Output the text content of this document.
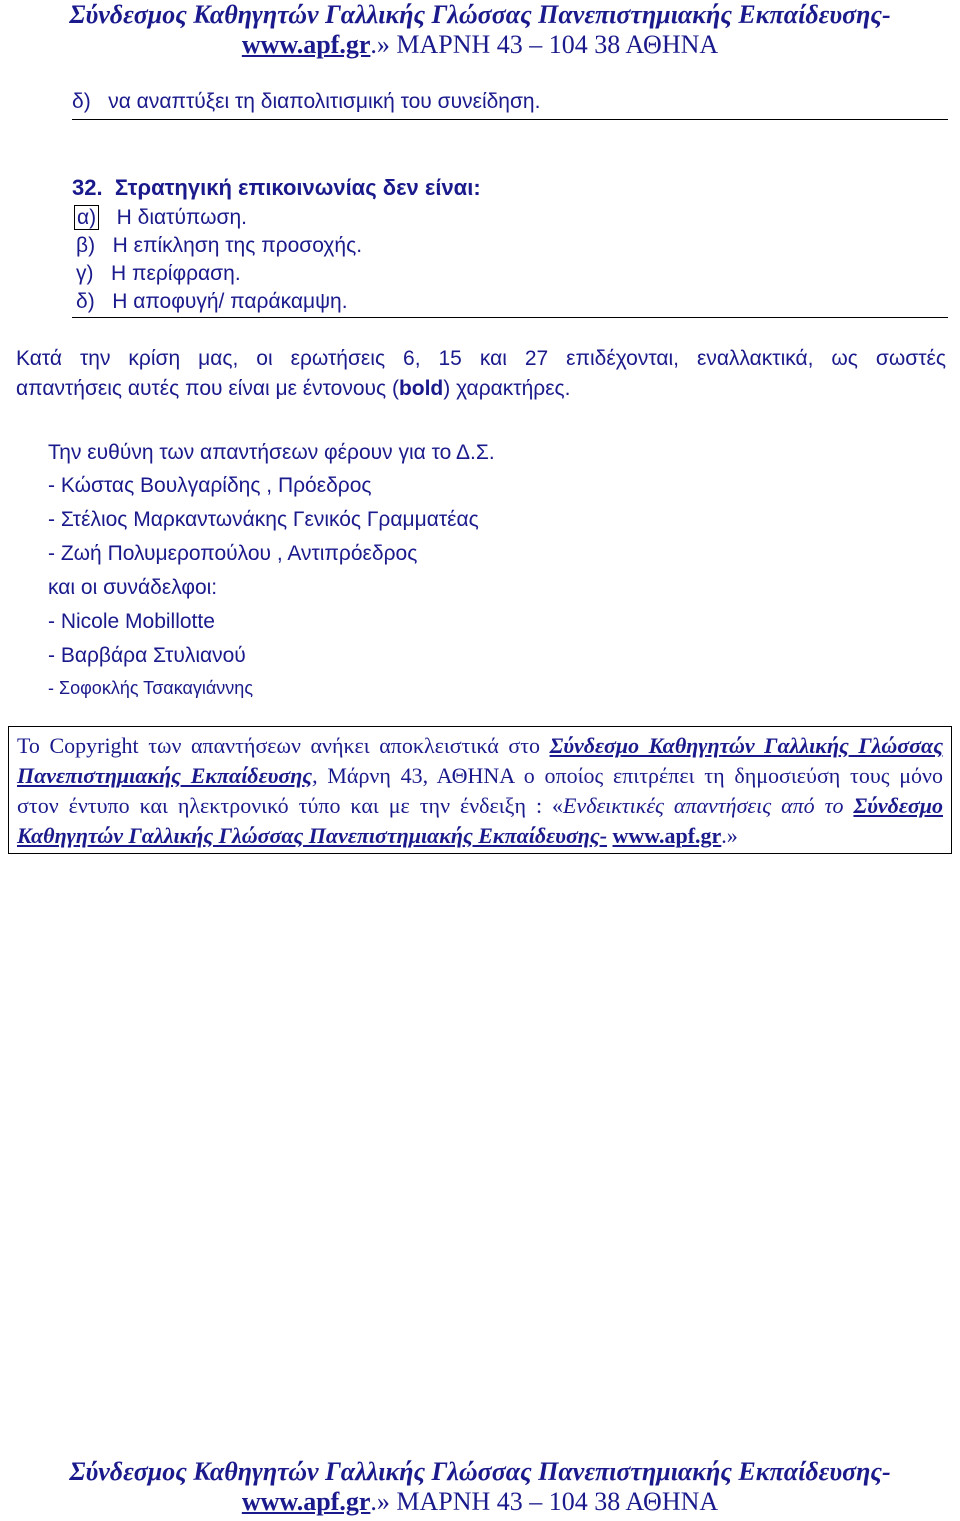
Σύνδεσμος Καθηγητών Γαλλικής Γλώσσας Πανεπιστημιακής Εκπαίδευσης-
www.apf.gr.» ΜΑΡΝΗ 43 – 104 38 ΑΘΗΝΑ
δ) να αναπτύξει τη διαπολιτισμική του συνείδηση.
32. Στρατηγική επικοινωνίας δεν είναι:
α) Η διατύπωση.
β) Η επίκληση της προσοχής.
γ) Η περίφραση.
δ) Η αποφυγή/ παράκαμψη.
Κατά την κρίση μας, οι ερωτήσεις 6, 15 και 27 επιδέχονται, εναλλακτικά, ως σωστές
απαντήσεις αυτές που είναι με έντονους (bold) χαρακτήρες.
Την ευθύνη των απαντήσεων φέρουν για το Δ.Σ.
- Κώστας Βουλγαρίδης , Πρόεδρος
- Στέλιος Μαρκαντωνάκης Γενικός Γραμματέας
- Ζωή Πολυμεροπούλου , Αντιπρόεδρος
και οι συνάδελφοι:
- Nicole Mobillotte
- Βαρβάρα Στυλιανού
- Σοφοκλής Τσακαγιάννης
Το Copyright των απαντήσεων ανήκει αποκλειστικά στο Σύνδεσμο Καθηγητών Γαλλικής Γλώσσας Πανεπιστημιακής Εκπαίδευσης, Μάρνη 43, ΑΘΗΝΑ ο οποίος επιτρέπει τη δημοσιεύση τους μόνο στον έντυπο και ηλεκτρονικό τύπο και με την ένδειξη : «Ενδεικτικές απαντήσεις από το Σύνδεσμο Καθηγητών Γαλλικής Γλώσσας Πανεπιστημιακής Εκπαίδευσης- www.apf.gr.»
Σύνδεσμος Καθηγητών Γαλλικής Γλώσσας Πανεπιστημιακής Εκπαίδευσης-
www.apf.gr.» ΜΑΡΝΗ 43 – 104 38 ΑΘΗΝΑ
